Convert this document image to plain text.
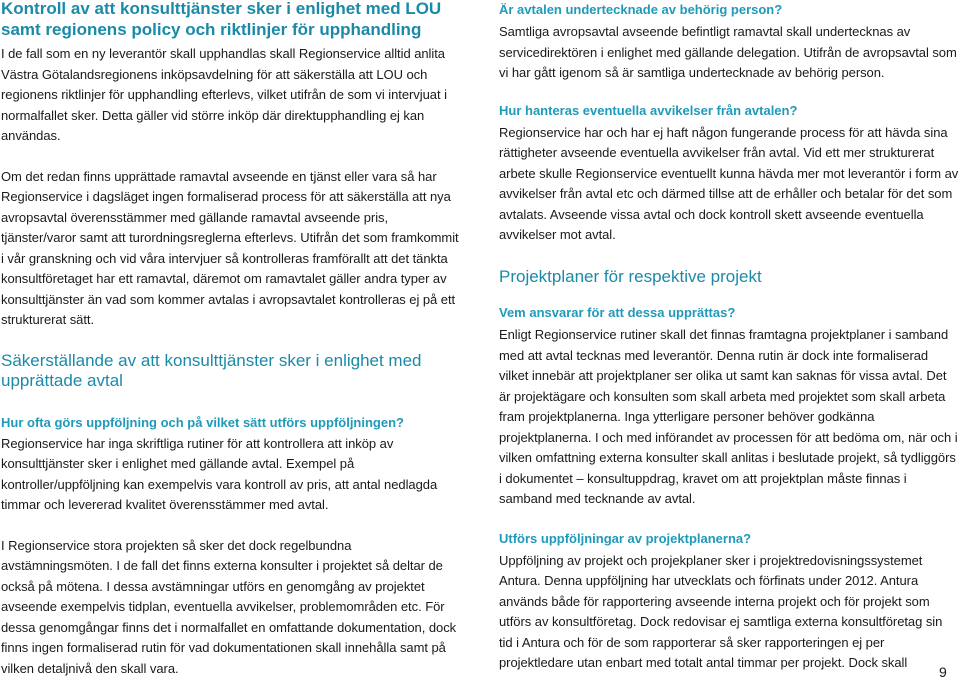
Kontroll av att konsulttjänster sker i enlighet med LOU samt regionens policy och riktlinjer för upphandling

I de fall som en ny leverantör skall upphandlas skall Regionservice alltid anlita Västra Götalandsregionens inköpsavdelning för att säkerställa att LOU och regionens riktlinjer för upphandling efterlevs, vilket utifrån de som vi intervjuat i normalfallet sker. Detta gäller vid större inköp där direktupphandling ej kan användas.

Om det redan finns upprättade ramavtal avseende en tjänst eller vara så har Regionservice i dagsläget ingen formaliserad process för att säkerställa att nya avropsavtal överensstämmer med gällande ramavtal avseende pris, tjänster/varor samt att turordningsreglerna efterlevs. Utifrån det som framkommit i vår granskning och vid våra intervjuer så kontrolleras framförallt att det tänkta konsultföretaget har ett ramavtal, däremot om ramavtalet gäller andra typer av konsulttjänster än vad som kommer avtalas i avropsavtalet kontrolleras ej på ett strukturerat sätt.

Säkerställande av att konsulttjänster sker i enlighet med upprättade avtal

Hur ofta görs uppföljning och på vilket sätt utförs uppföljningen?

Regionservice har inga skriftliga rutiner för att kontrollera att inköp av konsulttjänster sker i enlighet med gällande avtal. Exempel på kontroller/uppföljning kan exempelvis vara kontroll av pris, att antal nedlagda timmar och levererad kvalitet överensstämmer med avtal.

I Regionservice stora projekten så sker det dock regelbundna avstämningsmöten. I de fall det finns externa konsulter i projektet så deltar de också på mötena. I dessa avstämningar utförs en genomgång av projektet avseende exempelvis tidplan, eventuella avvikelser, problemområden etc. För dessa genomgångar finns det i normalfallet en omfattande dokumentation, dock finns ingen formaliserad rutin för vad dokumentationen skall innehålla samt på vilken detaljnivå den skall vara.

Är avtalen undertecknade av behörig person?

Samtliga avropsavtal avseende befintligt ramavtal skall undertecknas av servicedirektören i enlighet med gällande delegation. Utifrån de avropsavtal som vi har gått igenom så är samtliga undertecknade av behörig person.

Hur hanteras eventuella avvikelser från avtalen?

Regionservice har och har ej haft någon fungerande process för att hävda sina rättigheter avseende eventuella avvikelser från avtal. Vid ett mer strukturerat arbete skulle Regionservice eventuellt kunna hävda mer mot leverantör i form av avvikelser från avtal etc och därmed tillse att de erhåller och betalar för det som avtalats. Avseende vissa avtal och dock kontroll skett avseende eventuella avvikelser mot avtal.

Projektplaner för respektive projekt

Vem ansvarar för att dessa upprättas?

Enligt Regionservice rutiner skall det finnas framtagna projektplaner i samband med att avtal tecknas med leverantör. Denna rutin är dock inte formaliserad vilket innebär att projektplaner ser olika ut samt kan saknas för vissa avtal. Det är projektägare och konsulten som skall arbeta med projektet som skall arbeta fram projektplanerna. Inga ytterligare personer behöver godkänna projektplanerna. I och med införandet av processen för att bedöma om, när och i vilken omfattning externa konsulter skall anlitas i beslutade projekt, så tydliggörs i dokumentet – konsultuppdrag, kravet om att projektplan måste finnas i samband med tecknande av avtal.

Utförs uppföljningar av projektplanerna?

Uppföljning av projekt och projekplaner sker i projektredovisningssystemet Antura. Denna uppföljning har utvecklats och förfinats under 2012. Antura används både för rapportering avseende interna projekt och för projekt som utförs av konsultföretag. Dock redovisar ej samtliga externa konsultföretag sin tid i Antura och för de som rapporterar så sker rapporteringen ej per projektledare utan enbart med totalt antal timmar per projekt. Dock skall

9
